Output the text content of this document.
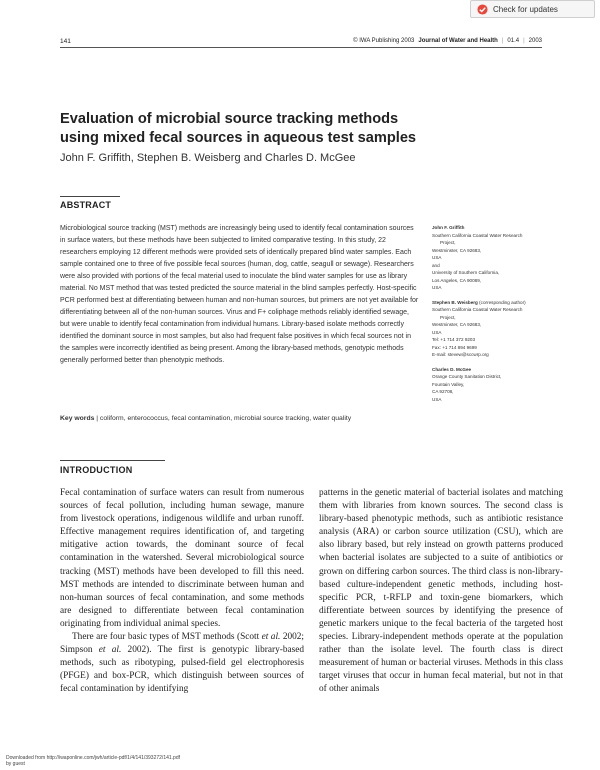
Check for updates
141	© IWA Publishing 2003 Journal of Water and Health | 01.4 | 2003
Evaluation of microbial source tracking methods using mixed fecal sources in aqueous test samples
John F. Griffith, Stephen B. Weisberg and Charles D. McGee
ABSTRACT
Microbiological source tracking (MST) methods are increasingly being used to identify fecal contamination sources in surface waters, but these methods have been subjected to limited comparative testing. In this study, 22 researchers employing 12 different methods were provided sets of identically prepared blind water samples. Each sample contained one to three of five possible fecal sources (human, dog, cattle, seagull or sewage). Researchers were also provided with portions of the fecal material used to inoculate the blind water samples for use as library material. No MST method that was tested predicted the source material in the blind samples perfectly. Host-specific PCR performed best at differentiating between human and non-human sources, but primers are not yet available for differentiating between all of the non-human sources. Virus and F+ coliphage methods reliably identified sewage, but were unable to identify fecal contamination from individual humans. Library-based isolate methods correctly identified the dominant source in most samples, but also had frequent false positives in which fecal sources not in the samples were incorrectly identified as being present. Among the library-based methods, genotypic methods generally performed better than phenotypic methods.
Key words | coliform, enterococcus, fecal contamination, microbial source tracking, water quality
John F. Griffith
Southern California Coastal Water Research
Project,
Westminster, CA 92683,
USA
and
University of Southern California,
Los Angeles, CA 90089,
USA
Stephen B. Weisberg (corresponding author)
Southern California Coastal Water Research
Project,
Westminster, CA 92683,
USA
Tel: +1 714 372 9203
Fax: +1 714 894 9699
E-mail: stevew@sccwrp.org
Charles D. McGee
Orange County Sanitation District,
Fountain Valley,
CA 92708,
USA
INTRODUCTION

Fecal contamination of surface waters can result from numerous sources of fecal pollution, including human sewage, manure from livestock operations, indigenous wildlife and urban runoff. Effective management requires identification of, and targeting mitigative action towards, the dominant source of fecal contamination in the watershed. Several microbiological source tracking (MST) methods have been developed to fill this need. MST methods are intended to discriminate between human and non-human sources of fecal contamination, and some methods are designed to differentiate between fecal contamination originating from individual animal species.

There are four basic types of MST methods (Scott et al. 2002; Simpson et al. 2002). The first is genotypic library-based methods, such as ribotyping, pulsed-field gel electrophoresis (PFGE) and box-PCR, which distinguish between sources of fecal contamination by identifying

patterns in the genetic material of bacterial isolates and matching them with libraries from known sources. The second class is library-based phenotypic methods, such as antibiotic resistance analysis (ARA) or carbon source utilization (CSU), which are also library based, but rely instead on growth patterns produced when bacterial isolates are subjected to a suite of antibiotics or grown on differing carbon sources. The third class is non-library-based culture-independent genetic methods, including host-specific PCR, t-RFLP and toxin-gene biomarkers, which differentiate between sources by identifying the presence of genetic markers unique to the fecal bacteria of the targeted host species. Library-independent methods operate at the population rather than the isolate level. The fourth class is direct measurement of human or bacterial viruses. Methods in this class target viruses that occur in human fecal material, but not in that of other animals

Downloaded from http://iwaponline.com/jwh/article-pdf/1/4/141/393272/141.pdf
by guest
